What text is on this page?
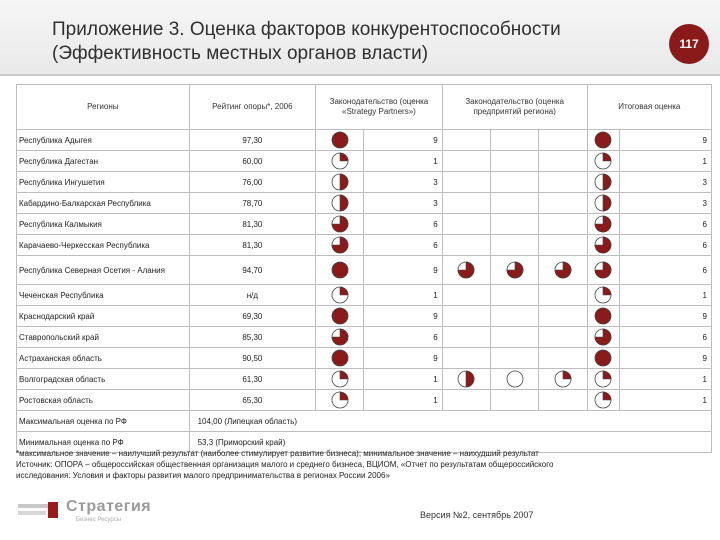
Приложение 3. Оценка факторов конкурентоспособности
(Эффективность местных органов власти)	117
Регионы	Рейтинг опоры*, 2006	Законодательство (оценка «Strategy Partners»)		Законодательство (оценка предприятий региона)			Итоговая оценка	
Республика Адыгея	97,30		9					9
Республика Дагестан	60,00		1					1
Республика Ингушетия	76,00		3					3
Кабардино-Балкарская Республика	78,70		3					3
Республика Калмыкия	81,30		6					6
Карачаево-Черкесская Республика	81,30		6					6
Республика Северная Осетия - Алания	94,70		9					6
Чеченская Республика	н/д		1					1
Краснодарский край	69,30		9					9
Ставропольский край	85,30		6					6
Астраханская область	90,50		9					9
Волгоградская область	61,30		1					1
Ростовская область	65,30		1					1
Максимальная оценка по РФ	104,00 (Липецкая область)							
Минимальная оценка по РФ	53,3 (Приморский край)							
*максимальное значение – наилучший результат (наиболее стимулирует развитие бизнеса); минимальное значение – наихудший результат
Источник: ОПОРА – общероссийская общественная организация малого и среднего бизнеса, ВЦИОМ, «Отчет по результатам общероссийского
исследования: Условия и факторы развития малого предпринимательства в регионах России 2006»
Стратегия
Бизнес Ресурсы	Версия №2, сентябрь 2007
